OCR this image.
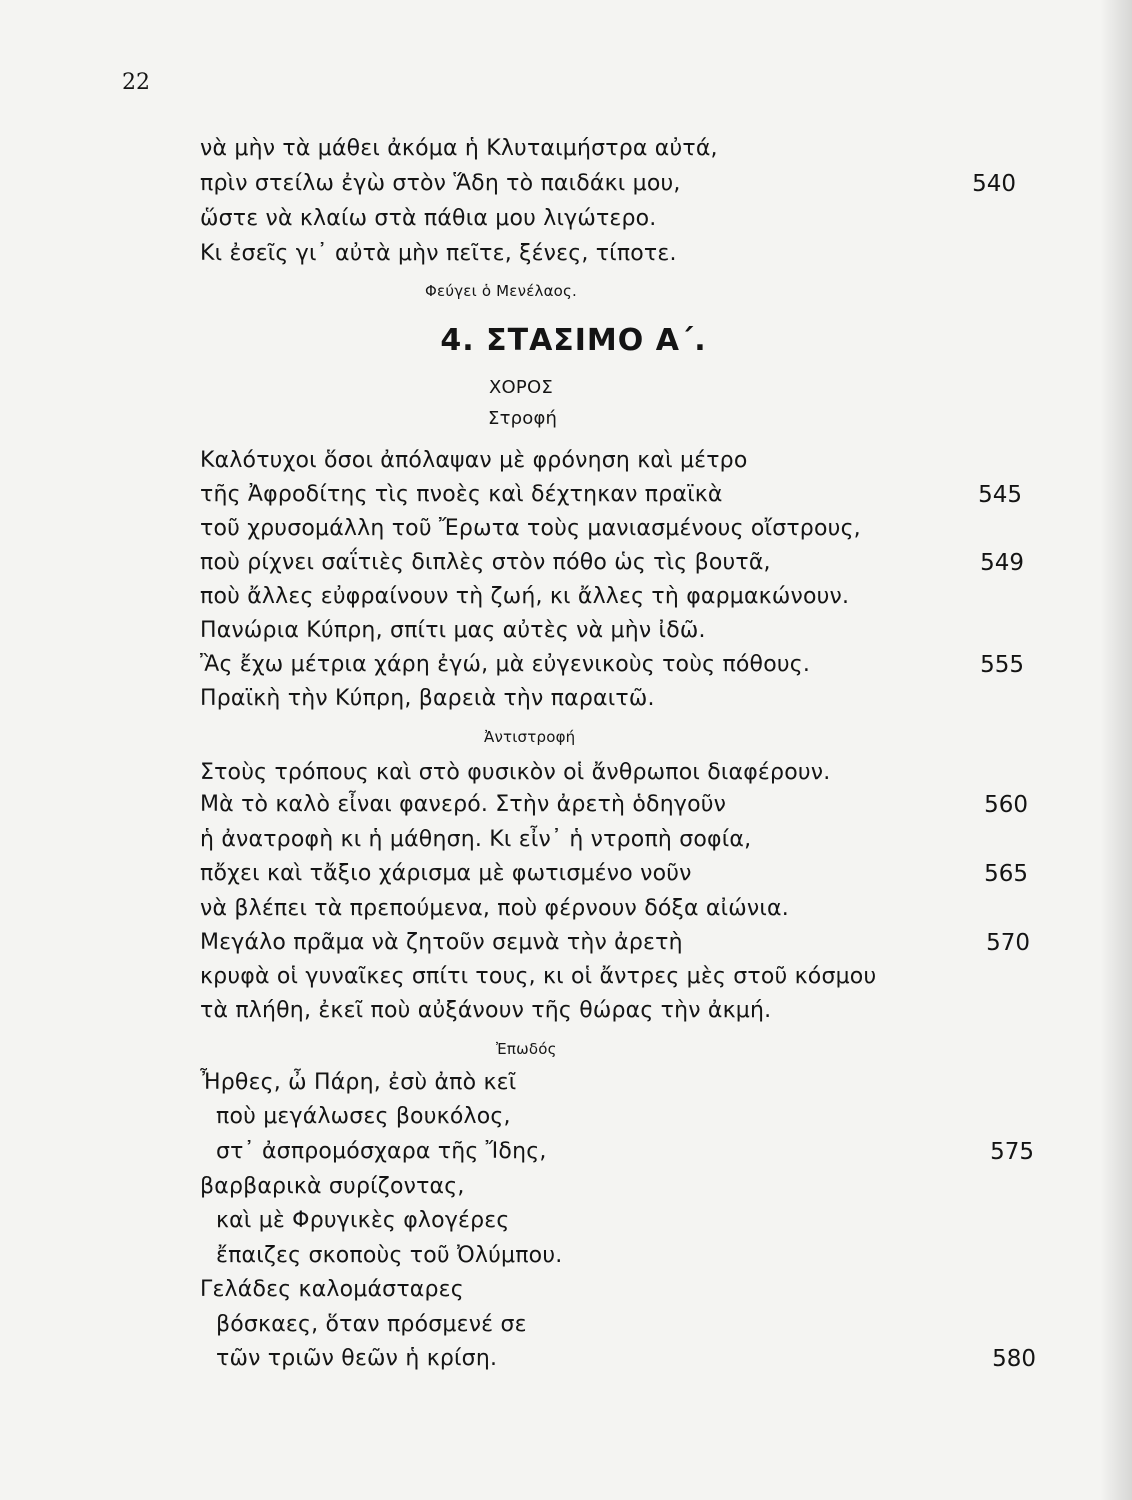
22
νὰ μὴν τὰ μάθει ἀκόμα ἡ Κλυταιμήστρα αὐτά,
πρὶν στείλω ἐγὼ στὸν Ἅδη τὸ παιδάκι μου,	540
ὥστε νὰ κλαίω στὰ πάθια μου λιγώτερο.
Κι ἐσεῖς γι᾽ αὐτὰ μὴν πεῖτε, ξένες, τίποτε.
Φεύγει ὁ Μενέλαος.
4. ΣΤΑΣΙΜΟ Α΄.
ΧΟΡΟΣ
Στροφή
Καλότυχοι ὅσοι ἀπόλαψαν μὲ φρόνηση καὶ μέτρο
τῆς Ἀφροδίτης τὶς πνοὲς καὶ δέχτηκαν πραϊκὰ	545
τοῦ χρυσομάλλη τοῦ Ἔρωτα τοὺς μανιασμένους οἴστρους,
ποὺ ρίχνει σαΐτιὲς διπλὲς στὸν πόθο ὡς τὶς βουτᾶ,	549
ποὺ ἄλλες εὐφραίνουν τὴ ζωή, κι ἄλλες τὴ φαρμακώνουν.
Πανώρια Κύπρη, σπίτι μας αὐτὲς νὰ μὴν ἰδῶ.
Ἂς ἔχω μέτρια χάρη ἐγώ, μὰ εὐγενικοὺς τοὺς πόθους.	555
Πραϊκὴ τὴν Κύπρη, βαρειὰ τὴν παραιτῶ.
Ἀντιστροφή
Στοὺς τρόπους καὶ στὸ φυσικὸν οἱ ἄνθρωποι διαφέρουν.
Μὰ τὸ καλὸ εἶναι φανερό. Στὴν ἀρετὴ ὁδηγοῦν	560
ἡ ἀνατροφὴ κι ἡ μάθηση. Κι εἶν᾽ ἡ ντροπὴ σοφία,
πὄχει καὶ τἄξιο χάρισμα μὲ φωτισμένο νοῦν	565
νὰ βλέπει τὰ πρεπούμενα, ποὺ φέρνουν δόξα αἰώνια.
Μεγάλο πρᾶμα νὰ ζητοῦν σεμνὰ τὴν ἀρετὴ	570
κρυφὰ οἱ γυναῖκες σπίτι τους, κι οἱ ἄντρες μὲς στοῦ κόσμου
τὰ πλήθη, ἐκεῖ ποὺ αὐξάνουν τῆς θώρας τὴν ἀκμή.
Ἐπωδός
Ἦρθες, ὦ Πάρη, ἐσὺ ἀπὸ κεῖ
ποὺ μεγάλωσες βουκόλος,
στ᾽ ἀσπρομόσχαρα τῆς Ἴδης,	575
βαρβαρικὰ συρίζοντας,
καὶ μὲ Φρυγικὲς φλογέρες
ἔπαιζες σκοποὺς τοῦ Ὀλύμπου.
Γελάδες καλομάσταρες
βόσκαες, ὅταν πρόσμενέ σε
τῶν τριῶν θεῶν ἡ κρίση.	580
